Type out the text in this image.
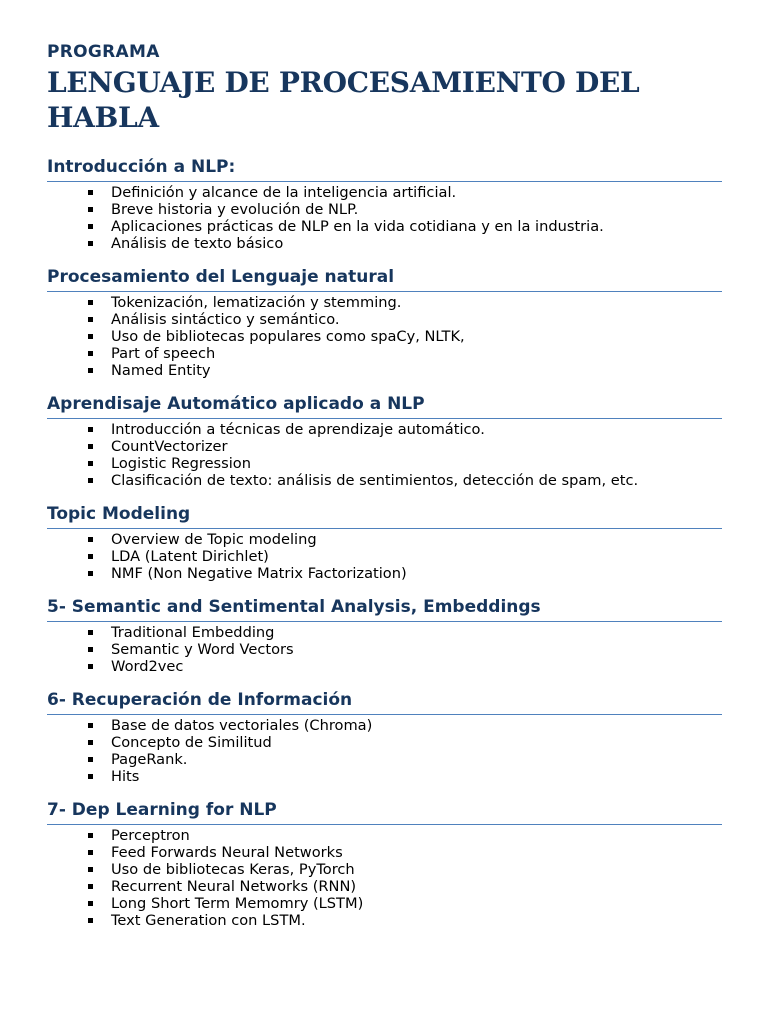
PROGRAMA

LENGUAJE DE PROCESAMIENTO DEL
HABLA
Introducción a NLP:
Definición y alcance de la inteligencia artificial.
Breve historia y evolución de NLP.
Aplicaciones prácticas de NLP en la vida cotidiana y en la industria.
Análisis de texto básico
Procesamiento del Lenguaje natural
Tokenización, lematización y stemming.
Análisis sintáctico y semántico.
Uso de bibliotecas populares como spaCy, NLTK,
Part of speech
Named Entity
Aprendisaje Automático aplicado a NLP
Introducción a técnicas de aprendizaje automático.
CountVectorizer
Logistic Regression
Clasificación de texto: análisis de sentimientos, detección de spam, etc.
Topic Modeling
Overview de Topic modeling
LDA (Latent Dirichlet)
NMF (Non Negative Matrix Factorization)
5- Semantic and Sentimental Analysis, Embeddings
Traditional Embedding
Semantic y Word Vectors
Word2vec
6- Recuperación de Información
Base de datos vectoriales (Chroma)
Concepto de Similitud
PageRank.
Hits
7- Dep Learning for NLP
Perceptron
Feed Forwards Neural Networks
Uso de bibliotecas Keras, PyTorch
Recurrent Neural Networks (RNN)
Long Short Term Memomry (LSTM)
Text Generation con LSTM.
